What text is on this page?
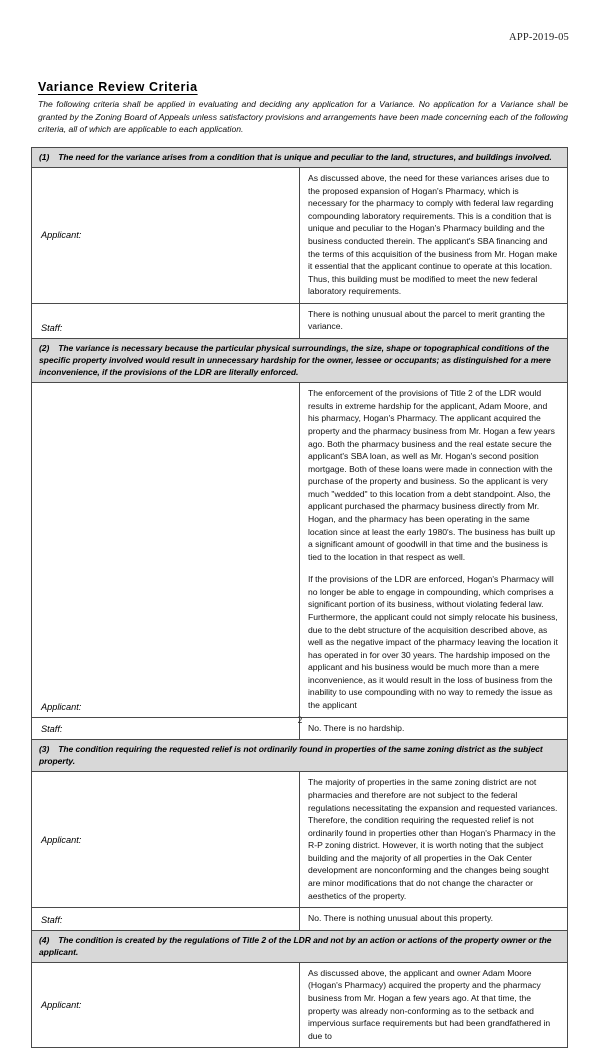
APP-2019-05
Variance Review Criteria
The following criteria shall be applied in evaluating and deciding any application for a Variance. No application for a Variance shall be granted by the Zoning Board of Appeals unless satisfactory provisions and arrangements have been made concerning each of the following criteria, all of which are applicable to each application.
(1) The need for the variance arises from a condition that is unique and peculiar to the land, structures, and buildings involved.	
Applicant:	As discussed above, the need for these variances arises due to the proposed expansion of Hogan's Pharmacy, which is necessary for the pharmacy to comply with federal law regarding compounding laboratory requirements. This is a condition that is unique and peculiar to the Hogan's Pharmacy building and the business conducted therein. The applicant's SBA financing and the terms of this acquisition of the business from Mr. Hogan make it essential that the applicant continue to operate at this location. Thus, this building must be modified to meet the new federal laboratory requirements.

Staff:	There is nothing unusual about the parcel to merit granting the variance.

(2) The variance is necessary because the particular physical surroundings, the size, shape or topographical conditions of the specific property involved would result in unnecessary hardship for the owner, lessee or occupants; as distinguished for a mere inconvenience, if the provisions of the LDR are literally enforced.	
Applicant:	The enforcement of the provisions of Title 2 of the LDR would results in extreme hardship for the applicant, Adam Moore, and his pharmacy, Hogan's Pharmacy. The applicant acquired the property and the pharmacy business from Mr. Hogan a few years ago. Both the pharmacy business and the real estate secure the applicant's SBA loan, as well as Mr. Hogan's second position mortgage. Both of these loans were made in connection with the purchase of the property and business. So the applicant is very much "wedded" to this location from a debt standpoint. Also, the applicant purchased the pharmacy business directly from Mr. Hogan, and the pharmacy has been operating in the same location since at least the early 1980's. The business has built up a significant amount of goodwill in that time and the business is tied to the location in that respect as well.

If the provisions of the LDR are enforced, Hogan's Pharmacy will no longer be able to engage in compounding, which comprises a significant portion of its business, without violating federal law. Furthermore, the applicant could not simply relocate his business, due to the debt structure of the acquisition described above, as well as the negative impact of the pharmacy leaving the location it has operated in for over 30 years. The hardship imposed on the applicant and his business would be much more than a mere inconvenience, as it would result in the loss of business from the inability to use compounding with no way to remedy the issue as the applicant

Staff:	No. There is no hardship.

(3) The condition requiring the requested relief is not ordinarily found in properties of the same zoning district as the subject property.	
Applicant:	The majority of properties in the same zoning district are not pharmacies and therefore are not subject to the federal regulations necessitating the expansion and requested variances. Therefore, the condition requiring the requested relief is not ordinarily found in properties other than Hogan's Pharmacy in the R-P zoning district. However, it is worth noting that the subject building and the majority of all properties in the Oak Center development are nonconforming and the changes being sought are minor modifications that do not change the character or aesthetics of the property.

Staff:	No. There is nothing unusual about this property.

(4) The condition is created by the regulations of Title 2 of the LDR and not by an action or actions of the property owner or the applicant.	
Applicant:	As discussed above, the applicant and owner Adam Moore (Hogan's Pharmacy) acquired the property and the pharmacy business from Mr. Hogan a few years ago. At that time, the property was already non-conforming as to the setback and impervious surface requirements but had been grandfathered in due to

2
